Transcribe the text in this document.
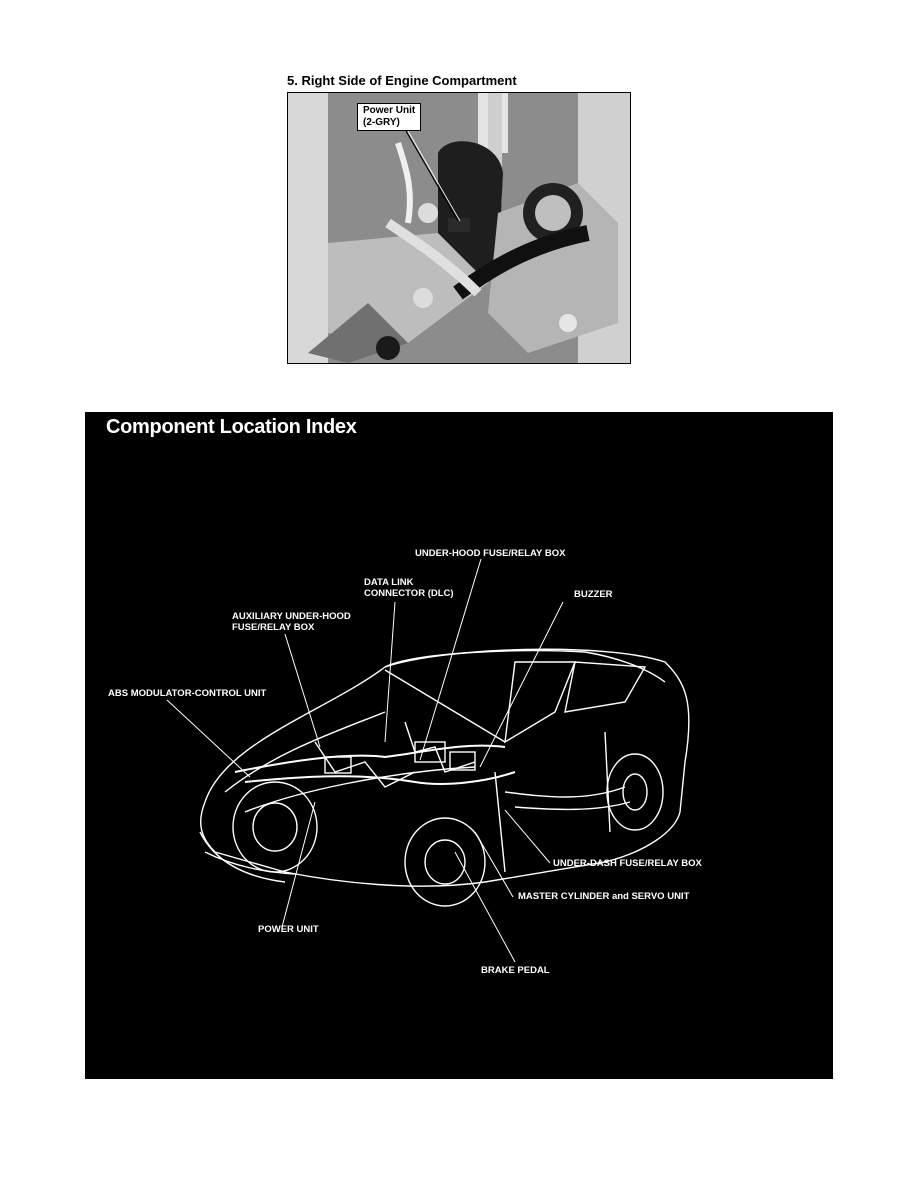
5. Right Side of Engine Compartment
Power Unit
(2-GRY)
Component Location Index
UNDER-HOOD FUSE/RELAY BOX
DATA LINK
CONNECTOR (DLC)	BUZZER
AUXILIARY UNDER-HOOD
FUSE/RELAY BOX
ABS MODULATOR-CONTROL UNIT
UNDER-DASH FUSE/RELAY BOX
MASTER CYLINDER and SERVO UNIT
POWER UNIT
BRAKE PEDAL
